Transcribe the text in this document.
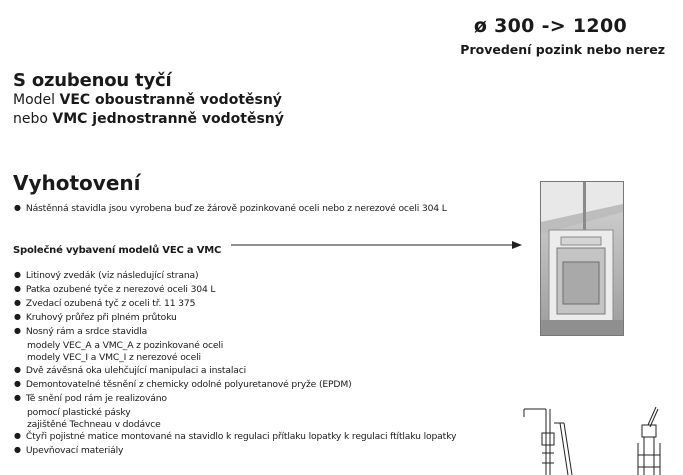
ø 300 -> 1200
Provedení pozink nebo nerez
S ozubenou tyčí
Model VEC oboustranně vodotěsný
nebo VMC jednostranně vodotěsný
Vyhotovení
● Nástěnná stavidla jsou vyrobena buď ze žárově pozinkované oceli nebo z nerezové oceli 304 L
Společné vybavení modelů VEC a VMC
● Litinový zvedák (viz následující strana)
● Patka ozubené tyče z nerezové oceli 304 L
● Zvedací ozubená tyč z oceli tř. 11 375
● Kruhový průřez při plném průtoku
● Nosný rám a srdce stavidla
modely VEC_A a VMC_A z pozinkované oceli
modely VEC_I a VMC_I z nerezové oceli
● Dvě závěsná oka ulehčující manipulaci a instalaci
● Demontovatelné těsnění z chemicky odolné polyuretanové pryže (EPDM)
● Tě snění pod rám je realizováno
pomocí plastické pásky
zajištěné Techneau v dodávce
● Čtyři pojistné matice montované na stavidlo k regulaci přítlaku lopatky k regulaci ftítlaku lopatky
● Upevňovací materiály
